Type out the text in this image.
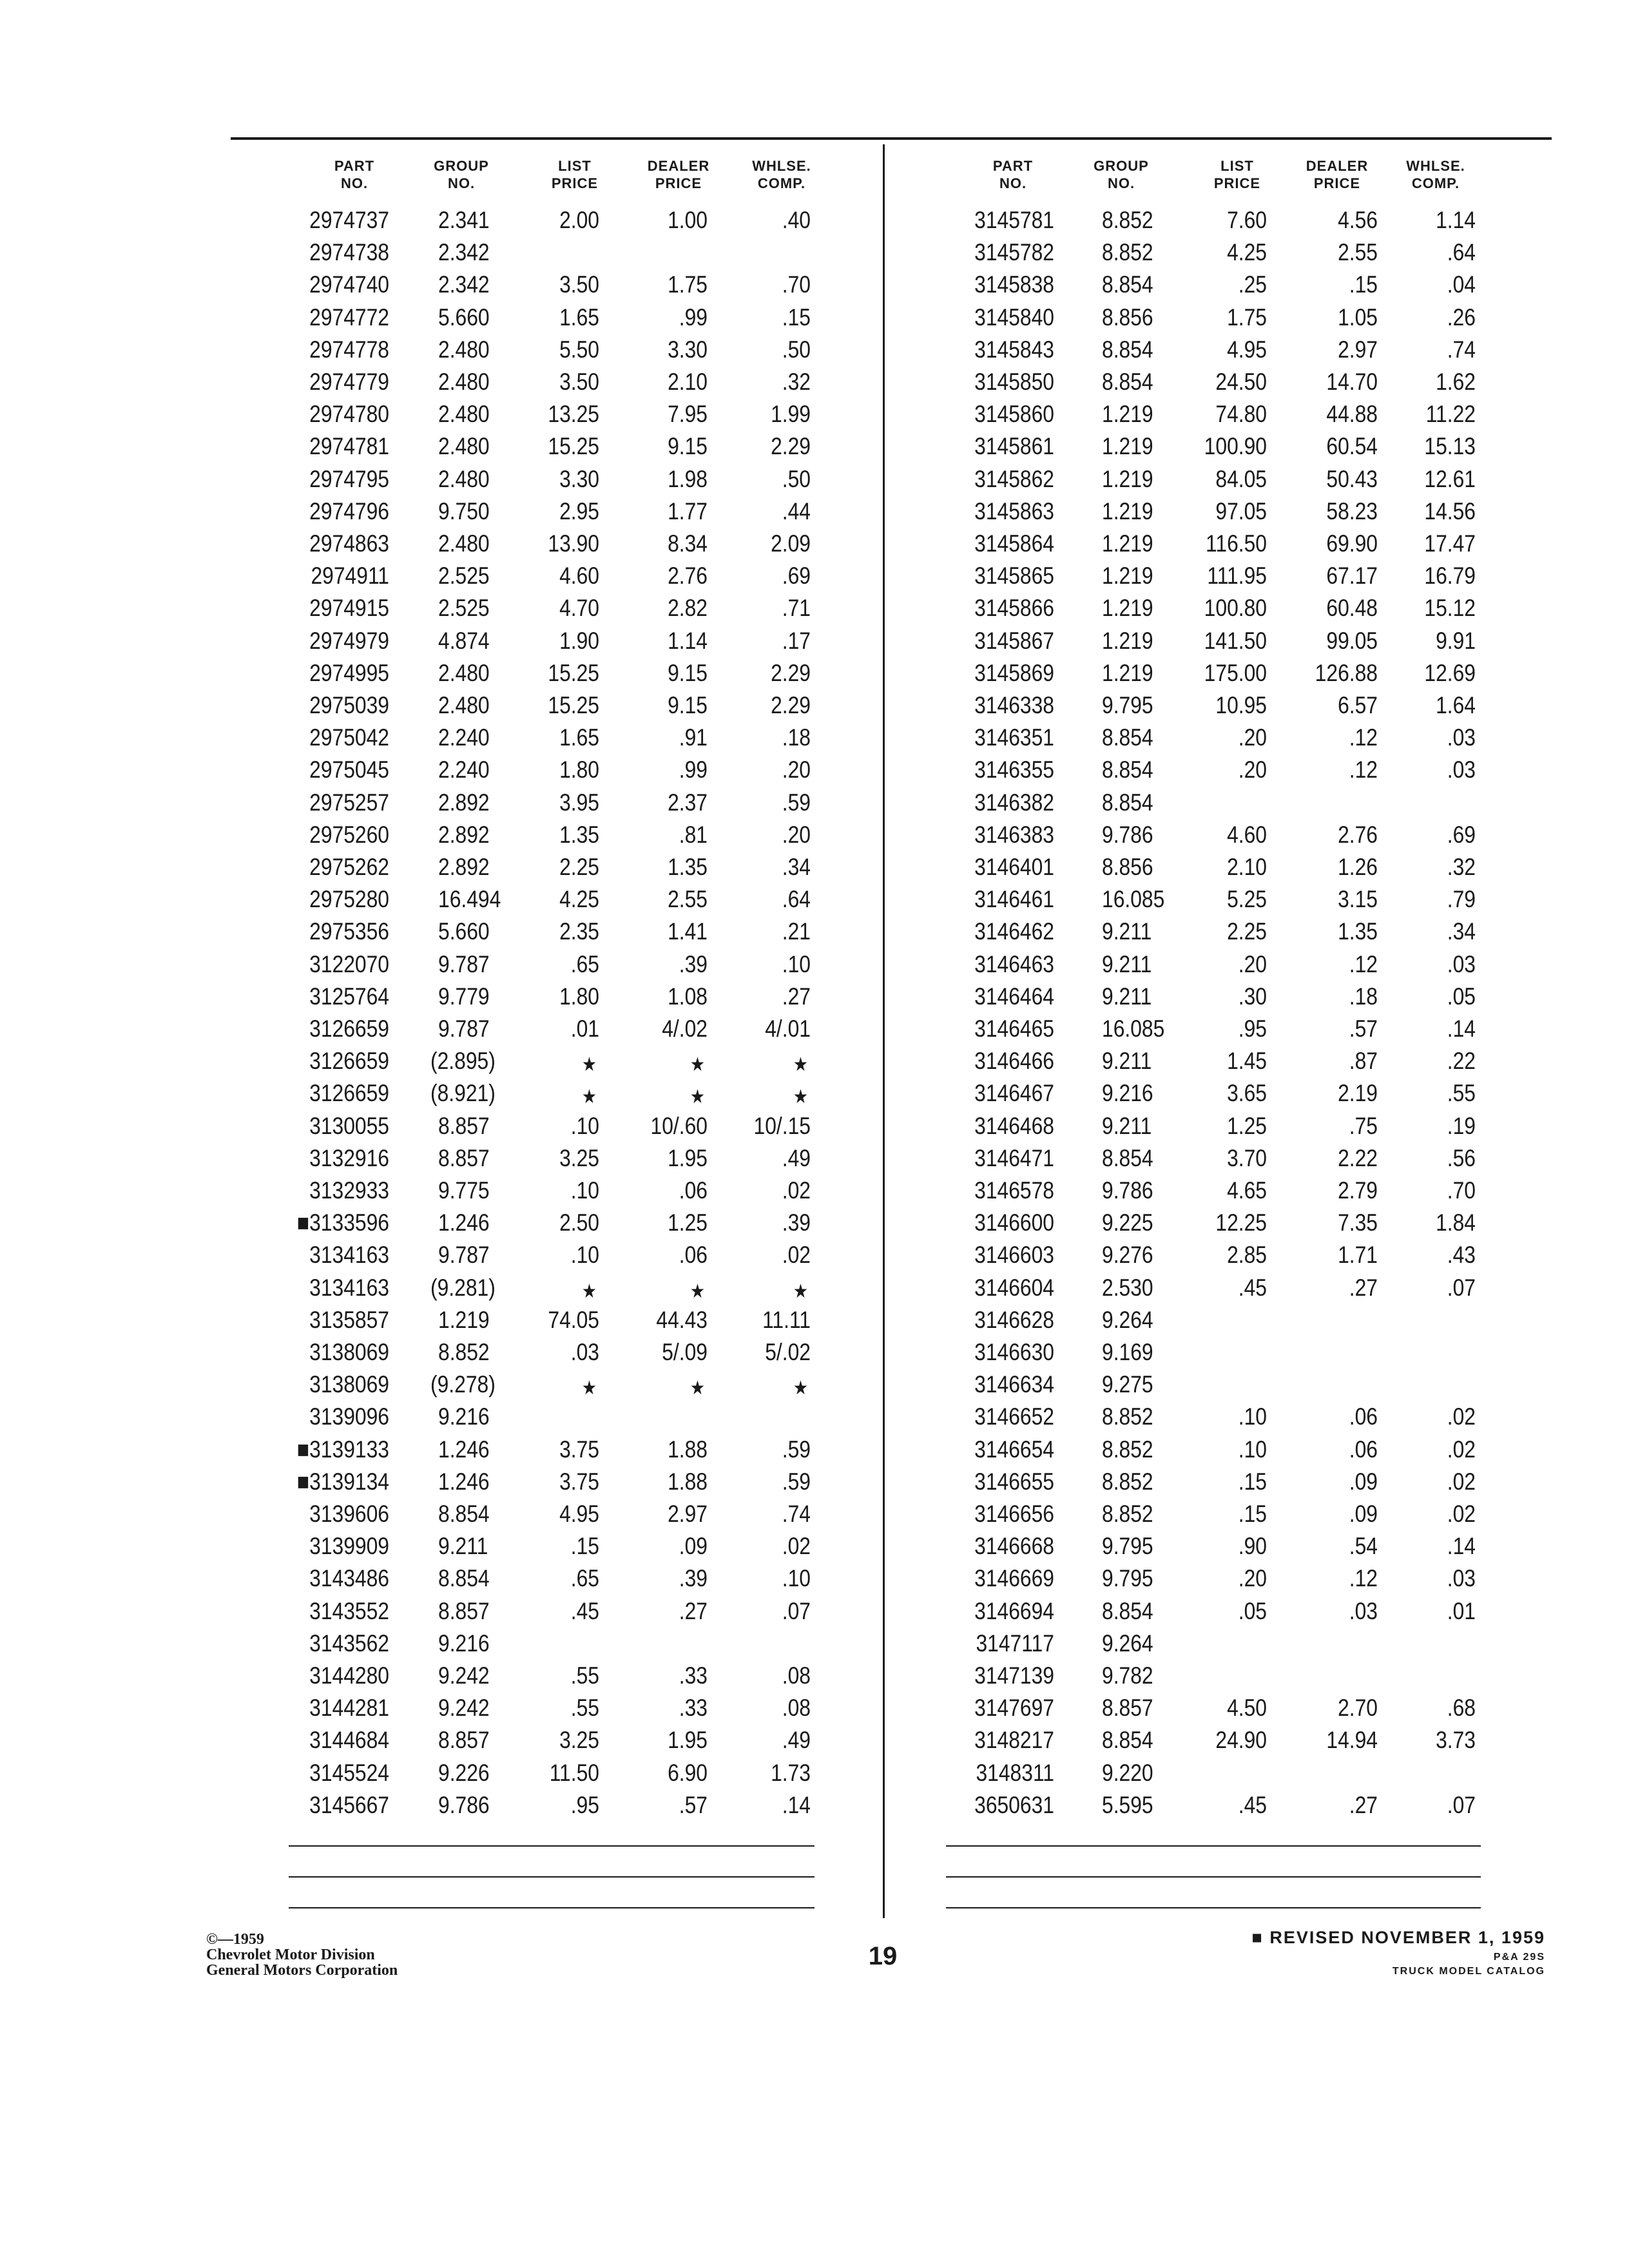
PART
NO.
GROUP
NO.
LIST
PRICE
DEALER
PRICE
WHLSE.
COMP.
PART
NO.
GROUP
NO.
LIST
PRICE
DEALER
PRICE
WHLSE.
COMP.
2974737 2.341	2.00	1.00	.40
2974738 2.342
2974740 2.342	3.50	1.75	.70
2974772 5.660	1.65	.99	.15
2974778 2.480	5.50	3.30	.50
2974779 2.480	3.50	2.10	.32
2974780 2.480	13.25	7.95	1.99
2974781 2.480	15.25	9.15	2.29
2974795 2.480	3.30	1.98	.50
2974796 9.750	2.95	1.77	.44
2974863 2.480	13.90	8.34	2.09
2974911 2.525	4.60	2.76	.69
2974915 2.525	4.70	2.82	.71
2974979 4.874	1.90	1.14	.17
2974995 2.480	15.25	9.15	2.29
2975039 2.480	15.25	9.15	2.29
2975042 2.240	1.65	.91	.18
2975045 2.240	1.80	.99	.20
2975257 2.892	3.95	2.37	.59
2975260 2.892	1.35	.81	.20
2975262 2.892	2.25	1.35	.34
2975280 16.494	4.25	2.55	.64
2975356 5.660	2.35	1.41	.21
3122070 9.787	.65	.39	.10
3125764 9.779	1.80	1.08	.27
3126659 9.787	.01	4/.02	4/.01
3126659 (2.895)	★	★	★
3126659 (8.921)	★	★	★
3130055 8.857	.10	10/.60	10/.15
3132916 8.857	3.25	1.95	.49
3132933 9.775	.10	.06	.02
■3133596 1.246	2.50	1.25	.39
3134163 9.787	.10	.06	.02
3134163 (9.281)	★	★	★
3135857 1.219	74.05	44.43	11.11
3138069 8.852	.03	5/.09	5/.02
3138069 (9.278)	★	★	★
3139096 9.216
■3139133 1.246	3.75	1.88	.59
■3139134 1.246	3.75	1.88	.59
3139606 8.854	4.95	2.97	.74
3139909 9.211	.15	.09	.02
3143486 8.854	.65	.39	.10
3143552 8.857	.45	.27	.07
3143562 9.216
3144280 9.242	.55	.33	.08
3144281 9.242	.55	.33	.08
3144684 8.857	3.25	1.95	.49
3145524 9.226	11.50	6.90	1.73
3145667 9.786	.95	.57	.14
3145781 8.852	7.60	4.56	1.14
3145782 8.852	4.25	2.55	.64
3145838 8.854	.25	.15	.04
3145840 8.856	1.75	1.05	.26
3145843 8.854	4.95	2.97	.74
3145850 8.854	24.50	14.70	1.62
3145860 1.219	74.80	44.88	11.22
3145861 1.219	100.90	60.54	15.13
3145862 1.219	84.05	50.43	12.61
3145863 1.219	97.05	58.23	14.56
3145864 1.219	116.50	69.90	17.47
3145865 1.219	111.95	67.17	16.79
3145866 1.219	100.80	60.48	15.12
3145867 1.219	141.50	99.05	9.91
3145869 1.219	175.00	126.88	12.69
3146338 9.795	10.95	6.57	1.64
3146351 8.854	.20	.12	.03
3146355 8.854	.20	.12	.03
3146382 8.854
3146383 9.786	4.60	2.76	.69
3146401 8.856	2.10	1.26	.32
3146461 16.085	5.25	3.15	.79
3146462 9.211	2.25	1.35	.34
3146463 9.211	.20	.12	.03
3146464 9.211	.30	.18	.05
3146465 16.085	.95	.57	.14
3146466 9.211	1.45	.87	.22
3146467 9.216	3.65	2.19	.55
3146468 9.211	1.25	.75	.19
3146471 8.854	3.70	2.22	.56
3146578 9.786	4.65	2.79	.70
3146600 9.225	12.25	7.35	1.84
3146603 9.276	2.85	1.71	.43
3146604 2.530	.45	.27	.07
3146628 9.264
3146630 9.169
3146634 9.275
3146652 8.852	.10	.06	.02
3146654 8.852	.10	.06	.02
3146655 8.852	.15	.09	.02
3146656 8.852	.15	.09	.02
3146668 9.795	.90	.54	.14
3146669 9.795	.20	.12	.03
3146694 8.854	.05	.03	.01
3147117 9.264
3147139 9.782
3147697 8.857	4.50	2.70	.68
3148217 8.854	24.90	14.94	3.73
3148311 9.220
3650631 5.595	.45	.27	.07
©—1959
Chevrolet Motor Division
General Motors Corporation	19
■ REVISED NOVEMBER 1, 1959
P&A 29S
TRUCK MODEL CATALOG
